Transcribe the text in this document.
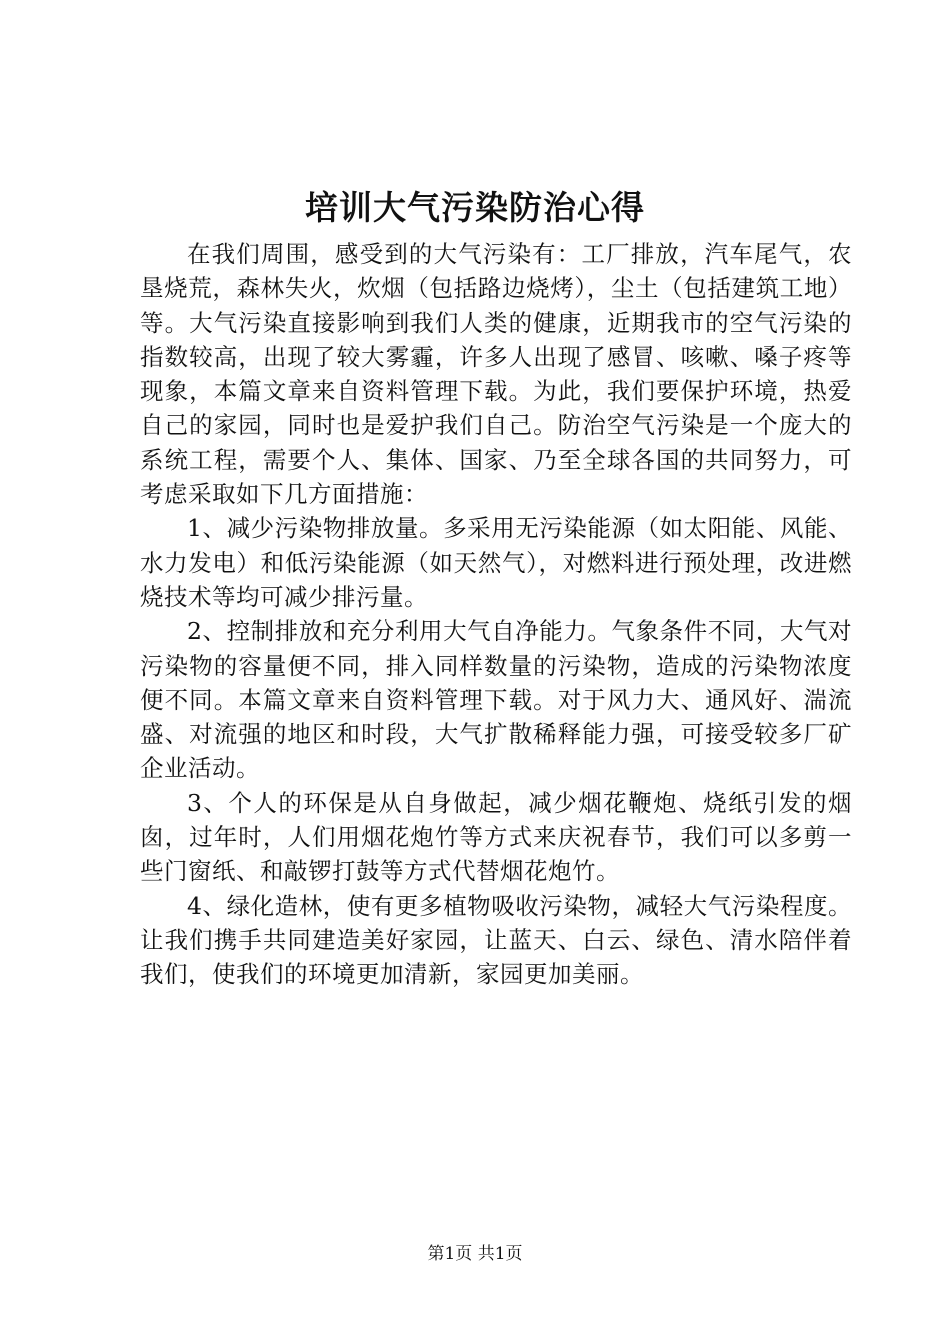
培训大气污染防治心得

在我们周围，感受到的大气污染有：工厂排放，汽车尾气，农垦烧荒，森林失火，炊烟（包括路边烧烤），尘土（包括建筑工地）等。大气污染直接影响到我们人类的健康，近期我市的空气污染的指数较高，出现了较大雾霾，许多人出现了感冒、咳嗽、嗓子疼等现象，本篇文章来自资料管理下载。为此，我们要保护环境，热爱自己的家园，同时也是爱护我们自己。防治空气污染是一个庞大的系统工程，需要个人、集体、国家、乃至全球各国的共同努力，可考虑采取如下几方面措施：

1、减少污染物排放量。多采用无污染能源（如太阳能、风能、水力发电）和低污染能源（如天然气），对燃料进行预处理，改进燃烧技术等均可减少排污量。

2、控制排放和充分利用大气自净能力。气象条件不同，大气对污染物的容量便不同，排入同样数量的污染物，造成的污染物浓度便不同。本篇文章来自资料管理下载。对于风力大、通风好、湍流盛、对流强的地区和时段，大气扩散稀释能力强，可接受较多厂矿企业活动。

3、个人的环保是从自身做起，减少烟花鞭炮、烧纸引发的烟囱，过年时，人们用烟花炮竹等方式来庆祝春节，我们可以多剪一些门窗纸、和敲锣打鼓等方式代替烟花炮竹。

4、绿化造林，使有更多植物吸收污染物，减轻大气污染程度。让我们携手共同建造美好家园，让蓝天、白云、绿色、清水陪伴着我们，使我们的环境更加清新，家园更加美丽。

第1页 共1页
